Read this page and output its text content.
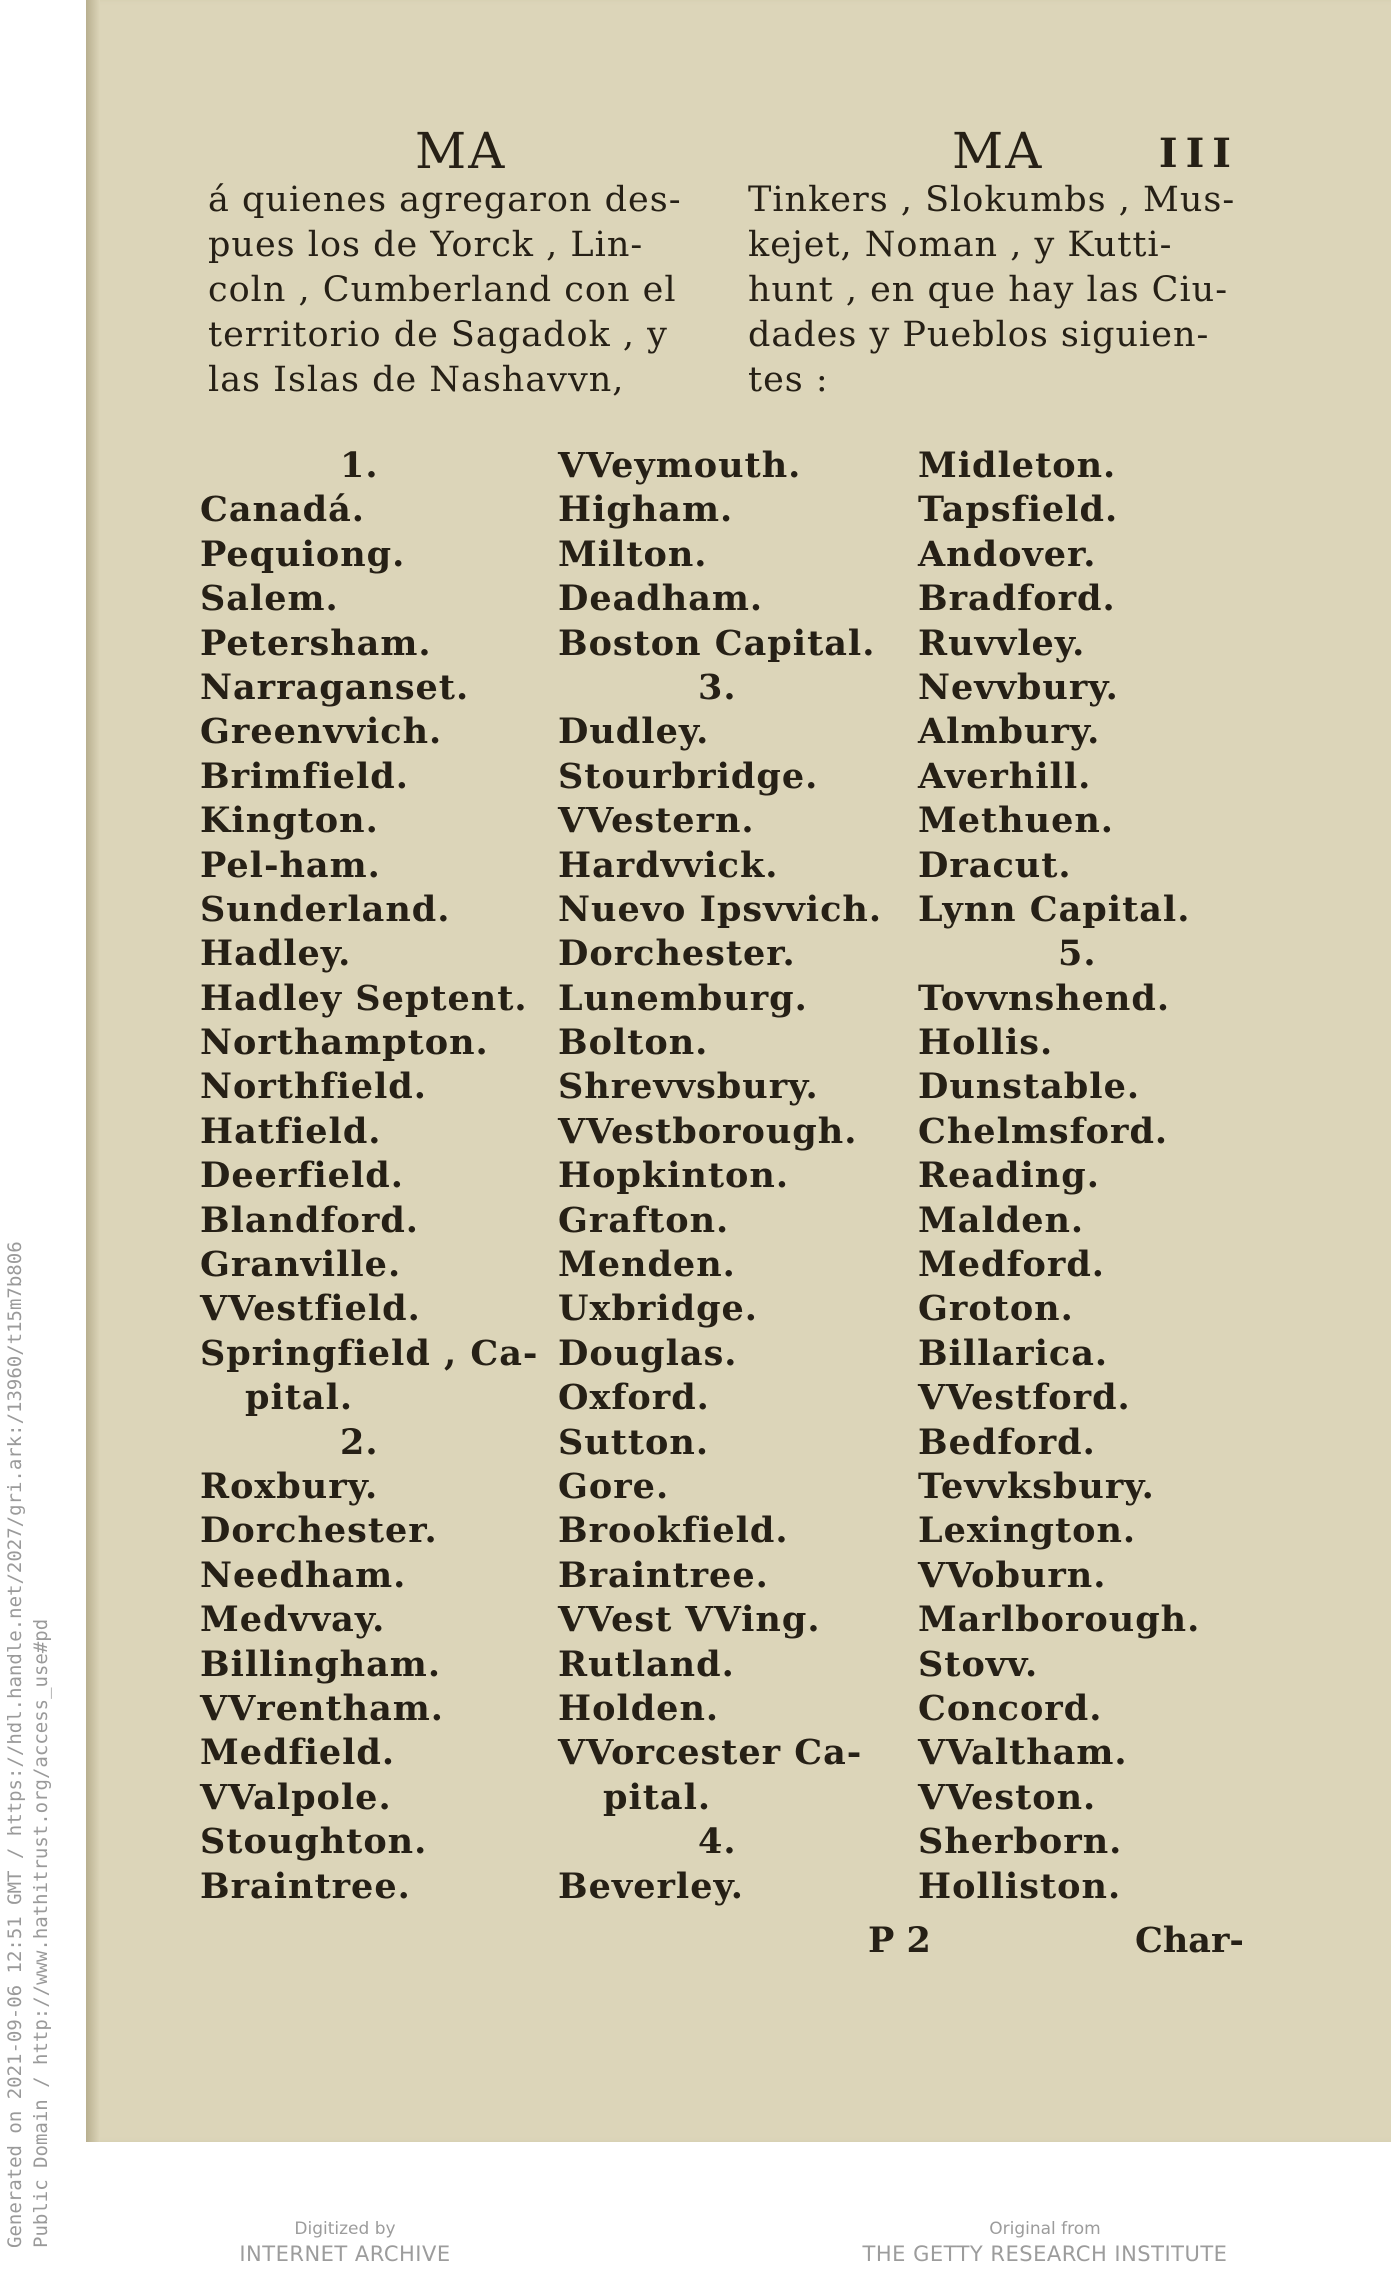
MA	MA	III
á quienes agregaron des-
pues los de Yorck , Lin-
coln , Cumberland con el
territorio de Sagadok , y
las Islas de Nashavvn,
Tinkers , Slokumbs , Mus-
kejet, Noman , y Kutti-
hunt , en que hay las Ciu-
dades y Pueblos siguien-
tes :
1.
Canadá.
Pequiong.
Salem.
Petersham.
Narraganset.
Greenvvich.
Brimfield.
Kington.
Pel-ham.
Sunderland.
Hadley.
Hadley Septent.
Northampton.
Northfield.
Hatfield.
Deerfield.
Blandford.
Granville.
VVestfield.
Springfield , Ca-
pital.
2.
Roxbury.
Dorchester.
Needham.
Medvvay.
Billingham.
VVrentham.
Medfield.
VValpole.
Stoughton.
Braintree.
VVeymouth.
Higham.
Milton.
Deadham.
Boston Capital.
3.
Dudley.
Stourbridge.
VVestern.
Hardvvick.
Nuevo Ipsvvich.
Dorchester.
Lunemburg.
Bolton.
Shrevvsbury.
VVestborough.
Hopkinton.
Grafton.
Menden.
Uxbridge.
Douglas.
Oxford.
Sutton.
Gore.
Brookfield.
Braintree.
VVest VVing.
Rutland.
Holden.
VVorcester Ca-
pital.
4.
Beverley.
Midleton.
Tapsfield.
Andover.
Bradford.
Ruvvley.
Nevvbury.
Almbury.
Averhill.
Methuen.
Dracut.
Lynn Capital.
5.
Tovvnshend.
Hollis.
Dunstable.
Chelmsford.
Reading.
Malden.
Medford.
Groton.
Billarica.
VVestford.
Bedford.
Tevvksbury.
Lexington.
VVoburn.
Marlborough.
Stovv.
Concord.
VValtham.
VVeston.
Sherborn.
Holliston.
P 2	Char-
Generated on 2021-09-06 12:51 GMT / https://hdl.handle.net/2027/gri.ark:/13960/t15m7b806 Public Domain / http://www.hathitrust.org/access_use#pd	Digitized by
INTERNET ARCHIVE
Original from
THE GETTY RESEARCH INSTITUTE
